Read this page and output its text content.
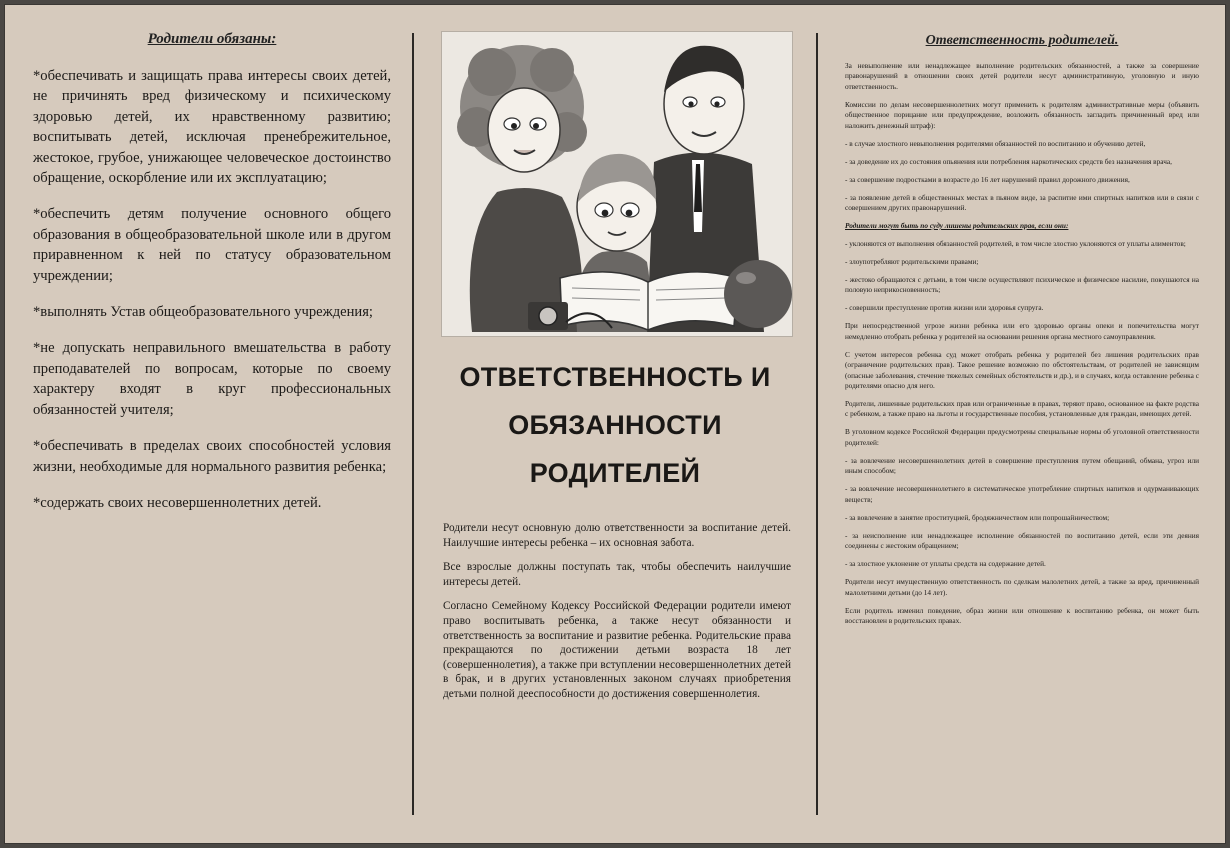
Родители обязаны:

*обеспечивать и защищать права интересы своих детей, не причинять вред физическому и психическому здоровью детей, их нравственному развитию; воспитывать детей, исключая пренебрежительное, жестокое, грубое, унижающее человеческое достоинство обращение, оскорбление или их эксплуатацию;

*обеспечить детям получение основного общего образования в общеобразовательной школе или в другом приравненном к ней по статусу образовательном учреждении;

*выполнять Устав общеобразовательного учреждения;

*не допускать неправильного вмешательства в работу преподавателей по вопросам, которые по своему характеру входят в круг профессиональных обязанностей учителя;

*обеспечивать в пределах своих способностей условия жизни, необходимые для нормального развития ребенка;

*содержать своих несовершеннолетних детей.

ОТВЕТСТВЕННОСТЬ И
ОБЯЗАННОСТИ
РОДИТЕЛЕЙ

Родители несут основную долю ответственности за воспитание детей. Наилучшие интересы ребенка – их основная забота.

Все взрослые должны поступать так, чтобы обеспечить наилучшие интересы детей.

Согласно Семейному Кодексу Российской Федерации родители имеют право воспитывать ребенка, а также несут обязанности и ответственность за воспитание и развитие ребенка. Родительские права прекращаются по достижении детьми возраста 18 лет (совершеннолетия), а также при вступлении несовершеннолетних детей в брак, и в других установленных законом случаях приобретения детьми полной дееспособности до достижения совершеннолетия.

Ответственность родителей.

За невыполнение или ненадлежащее выполнение родительских обязанностей, а также за совершение правонарушений в отношении своих детей родители несут административную, уголовную и иную ответственность.

Комиссии по делам несовершеннолетних могут применить к родителям административные меры (объявить общественное порицание или предупреждение, возложить обязанность загладить причиненный вред или наложить денежный штраф):

- в случае злостного невыполнения родителями обязанностей по воспитанию и обучению детей,

- за доведение их до состояния опьянения или потребления наркотических средств без назначения врача,

- за совершение подростками в возрасте до 16 лет нарушений правил дорожного движения,

- за появление детей в общественных местах в пьяном виде, за распитие ими спиртных напитков или в связи с совершением других правонарушений.

Родители могут быть по суду лишены родительских прав, если они:

- уклоняются от выполнения обязанностей родителей, в том числе злостно уклоняются от уплаты алиментов;

- злоупотребляют родительскими правами;

- жестоко обращаются с детьми, в том числе осуществляют психическое и физическое насилие, покушаются на половую неприкосновенность;

- совершили преступление против жизни или здоровья супруга.

При непосредственной угрозе жизни ребенка или его здоровью органы опеки и попечительства могут немедленно отобрать ребенка у родителей на основании решения органа местного самоуправления.

С учетом интересов ребенка суд может отобрать ребенка у родителей без лишения родительских прав (ограничение родительских прав). Такое решение возможно по обстоятельствам, от родителей не зависящим (опасные заболевания, стечение тяжелых семейных обстоятельств и др.), и в случаях, когда оставление ребенка с родителями опасно для него.

Родители, лишенные родительских прав или ограниченные в правах, теряют право, основанное на факте родства с ребенком, а также право на льготы и государственные пособия, установленные для граждан, имеющих детей.

В уголовном кодексе Российской Федерации предусмотрены специальные нормы об уголовной ответственности родителей:

- за вовлечение несовершеннолетних детей в совершение преступления путем обещаний, обмана, угроз или иным способом;

- за вовлечение несовершеннолетнего в систематическое употребление спиртных напитков и одурманивающих веществ;

- за вовлечение в занятие проституцией, бродяжничеством или попрошайничеством;

- за неисполнение или ненадлежащее исполнение обязанностей по воспитанию детей, если эти деяния соединены с жестоким обращением;

- за злостное уклонение от уплаты средств на содержание детей.

Родители несут имущественную ответственность по сделкам малолетних детей, а также за вред, причиненный малолетними детьми (до 14 лет).

Если родитель изменил поведение, образ жизни или отношение к воспитанию ребенка, он может быть восстановлен в родительских правах.
